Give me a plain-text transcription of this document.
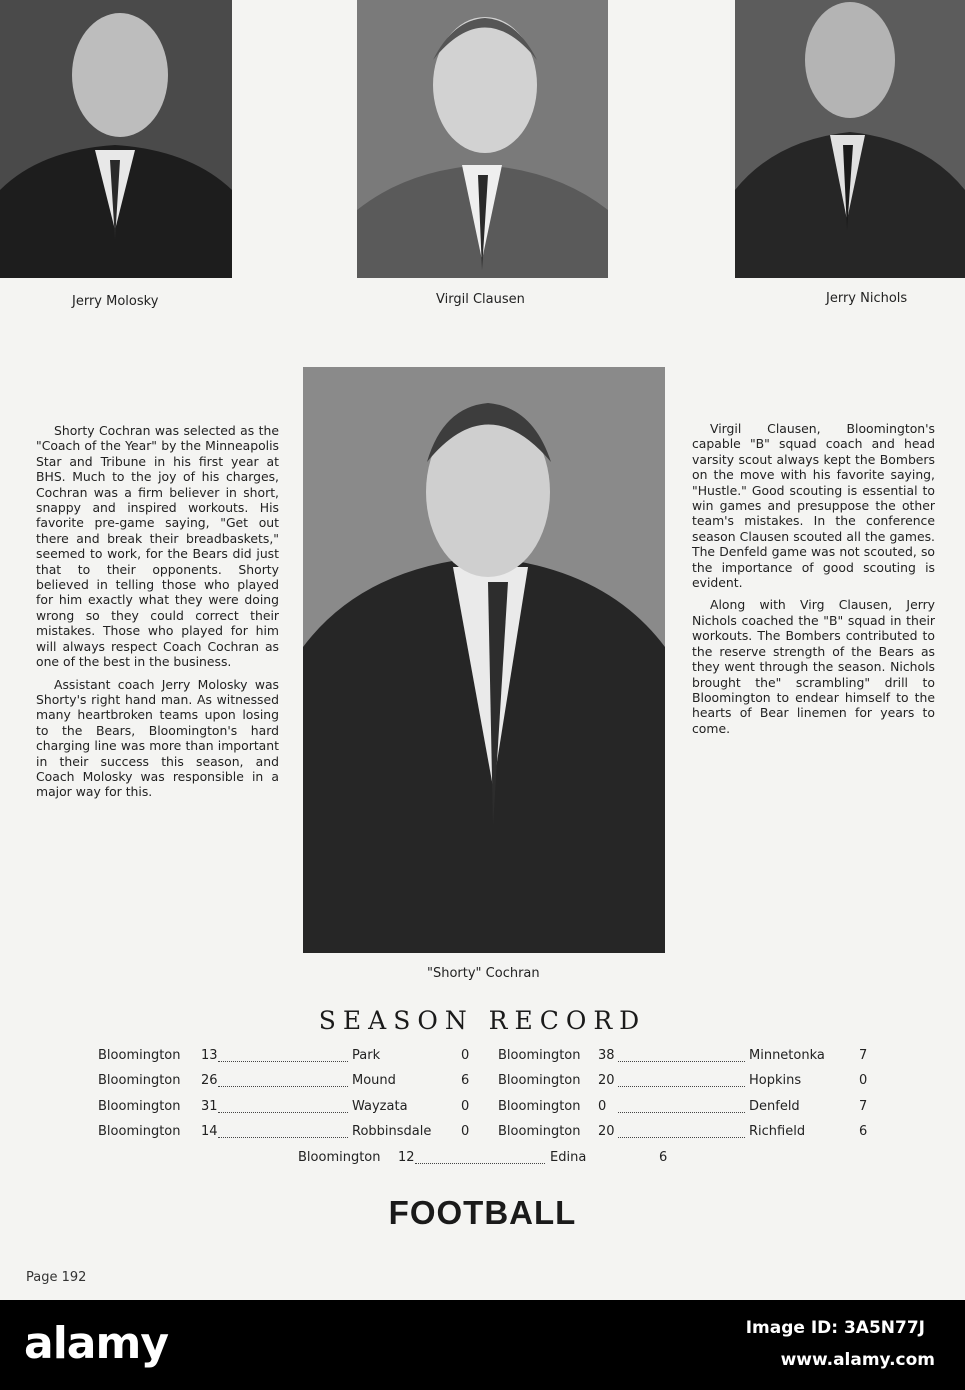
Jerry Molosky	Virgil Clausen	Jerry Nichols
"Shorty" Cochran

Shorty Cochran was selected as the "Coach of the Year" by the Minneapolis Star and Tribune in his first year at BHS. Much to the joy of his charges, Cochran was a firm believer in short, snappy and inspired workouts. His favorite pre-game saying, "Get out there and break their breadbaskets," seemed to work, for the Bears did just that to their opponents. Shorty believed in telling those who played for him exactly what they were doing wrong so they could correct their mistakes. Those who played for him will always respect Coach Cochran as one of the best in the business.

Assistant coach Jerry Molosky was Shorty's right hand man. As witnessed many heartbroken teams upon losing to the Bears, Bloomington's hard charging line was more than important in their success this season, and Coach Molosky was responsible in a major way for this.

Virgil Clausen, Bloomington's capable "B" squad coach and head varsity scout always kept the Bombers on the move with his favorite saying, "Hustle." Good scouting is essential to win games and presuppose the other team's mistakes. In the conference season Clausen scouted all the games. The Denfeld game was not scouted, so the importance of good scouting is evident.

Along with Virg Clausen, Jerry Nichols coached the "B" squad in their workouts. The Bombers contributed to the reserve strength of the Bears as they went through the season. Nichols brought the" scrambling" drill to Bloomington to endear himself to the hearts of Bear linemen for years to come.

SEASON RECORD
Bloomington 13	Park	0
Bloomington 26	Mound	6
Bloomington 31	Wayzata	0
Bloomington 14	Robbinsdale 0
Bloomington 38	Minnetonka	7
Bloomington 20	Hopkins	0
Bloomington 0	Denfeld	7
Bloomington 20	Richfield	6
Bloomington 12	Edina	6
FOOTBALL
Page 192
alamy	Image ID: 3A5N77J
www.alamy.com
